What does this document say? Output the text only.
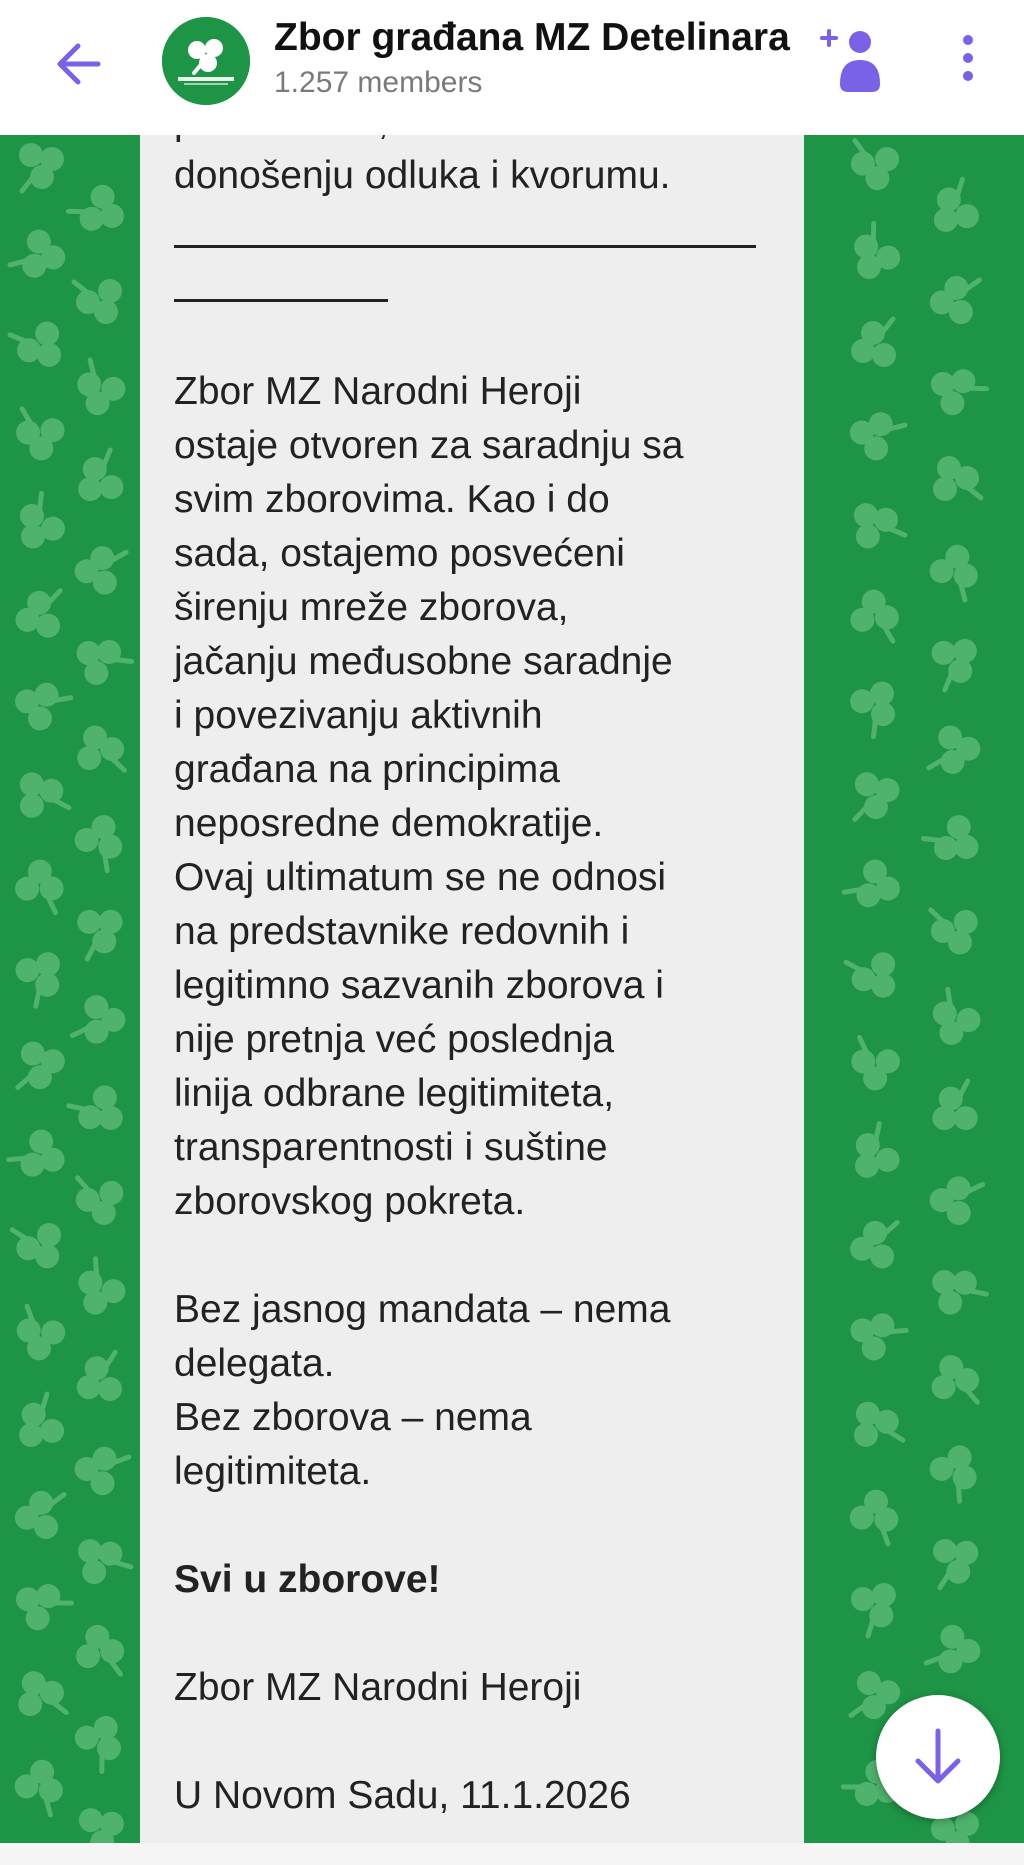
Zbor građana MZ Detelinara
1.257 members

donošenju odluka i kvorumu.

Zbor MZ Narodni Heroji

ostaje otvoren za saradnju sa

svim zborovima. Kao i do

sada, ostajemo posvećeni

širenju mreže zborova,

jačanju međusobne saradnje

i povezivanju aktivnih

građana na principima

neposredne demokratije.

Ovaj ultimatum se ne odnosi

na predstavnike redovnih i

legitimno sazvanih zborova i

nije pretnja već poslednja

linija odbrane legitimiteta,

transparentnosti i suštine

zborovskog pokreta.

Bez jasnog mandata – nema

delegata.

Bez zborova – nema

legitimiteta.

Svi u zborove!

Zbor MZ Narodni Heroji

U Novom Sadu, 11.1.2026
